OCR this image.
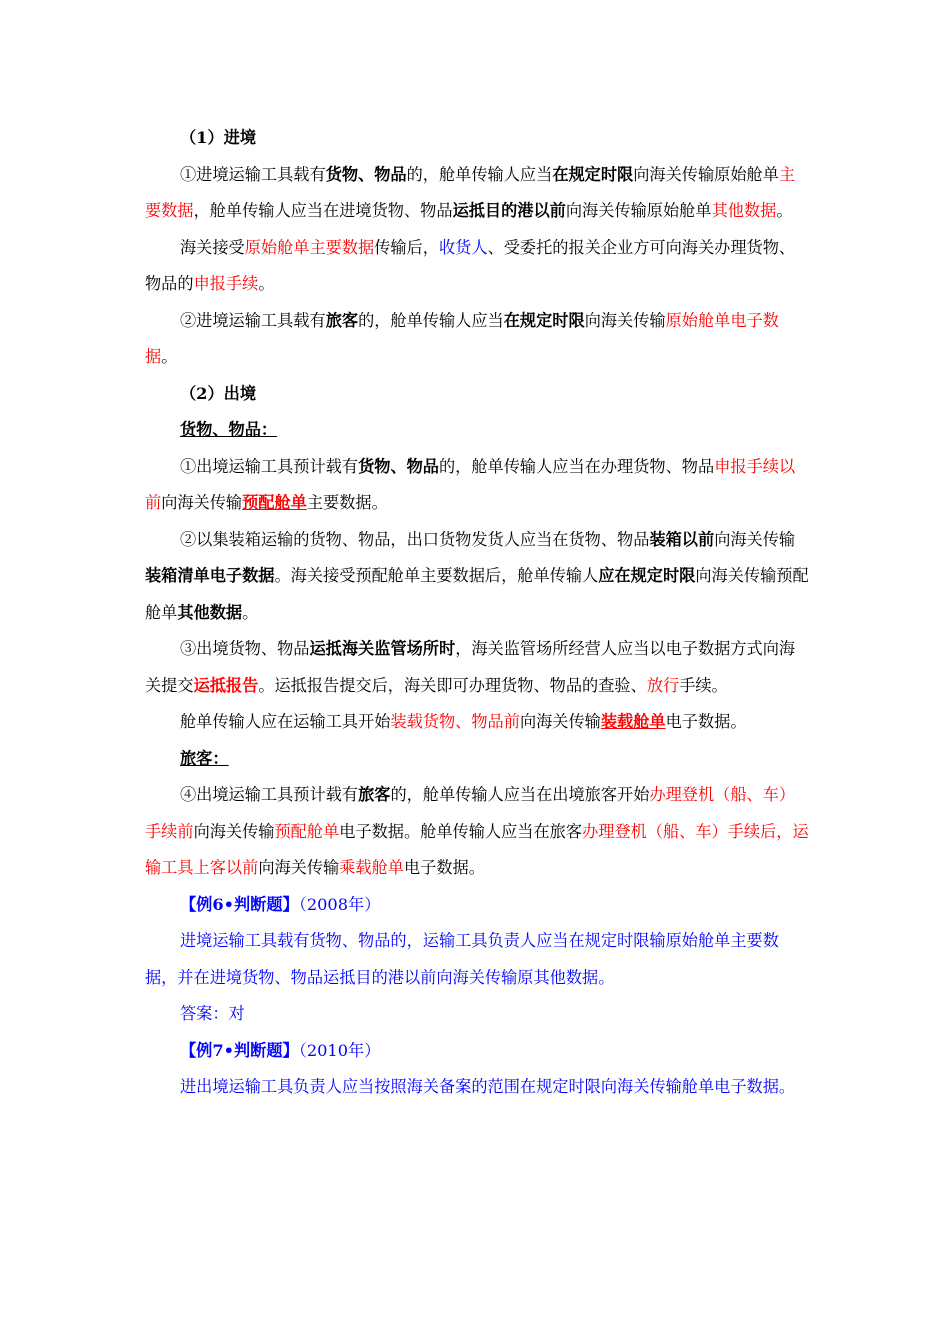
（1）进境

①进境运输工具载有货物、物品的，舱单传输人应当在规定时限向海关传输原始舱单主要数据，舱单传输人应当在进境货物、物品运抵目的港以前向海关传输原始舱单其他数据。

海关接受原始舱单主要数据传输后，收货人、受委托的报关企业方可向海关办理货物、物品的申报手续。

②进境运输工具载有旅客的，舱单传输人应当在规定时限向海关传输原始舱单电子数据。

（2）出境

货物、物品：

①出境运输工具预计载有货物、物品的，舱单传输人应当在办理货物、物品申报手续以前向海关传输预配舱单主要数据。

②以集装箱运输的货物、物品，出口货物发货人应当在货物、物品装箱以前向海关传输装箱清单电子数据。海关接受预配舱单主要数据后，舱单传输人应在规定时限向海关传输预配舱单其他数据。

③出境货物、物品运抵海关监管场所时，海关监管场所经营人应当以电子数据方式向海关提交运抵报告。运抵报告提交后，海关即可办理货物、物品的查验、放行手续。

舱单传输人应在运输工具开始装载货物、物品前向海关传输装载舱单电子数据。

旅客：

④出境运输工具预计载有旅客的，舱单传输人应当在出境旅客开始办理登机（船、车）手续前向海关传输预配舱单电子数据。舱单传输人应当在旅客办理登机（船、车）手续后，运输工具上客以前向海关传输乘载舱单电子数据。

【例6•判断题】（2008年）

进境运输工具载有货物、物品的，运输工具负责人应当在规定时限输原始舱单主要数据，并在进境货物、物品运抵目的港以前向海关传输原其他数据。

答案：对

【例7•判断题】（2010年）

进出境运输工具负责人应当按照海关备案的范围在规定时限向海关传输舱单电子数据。
